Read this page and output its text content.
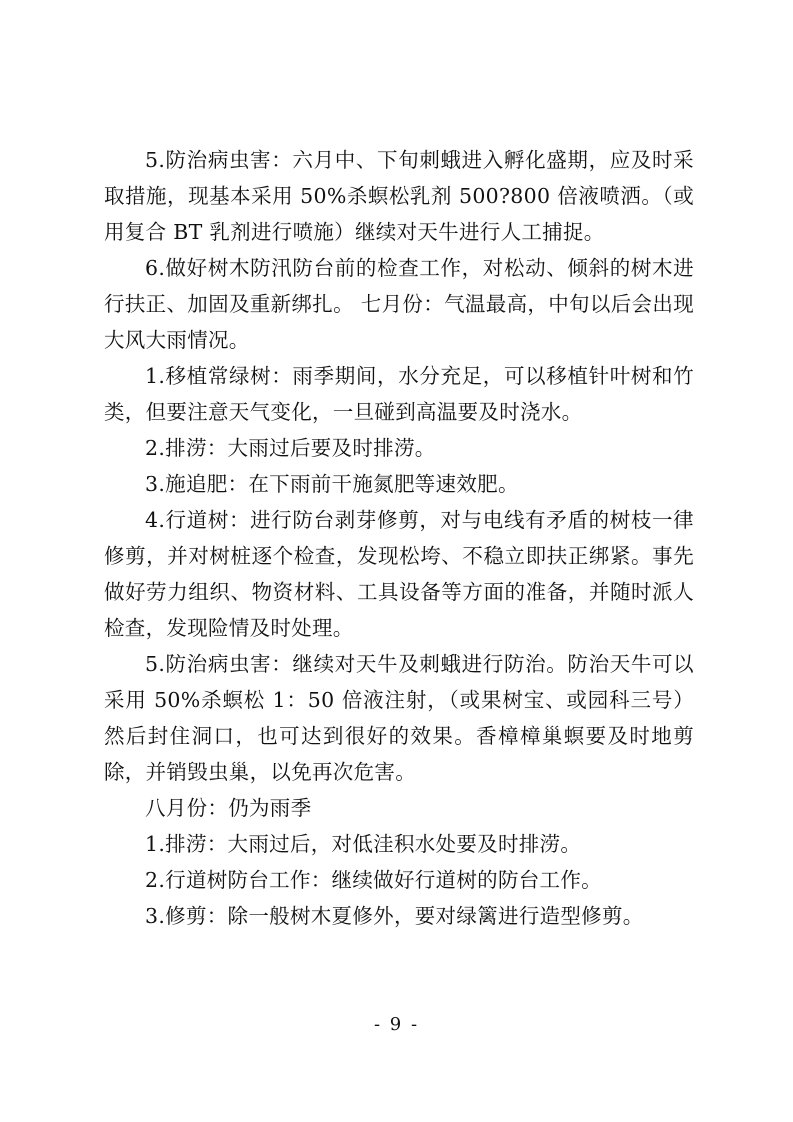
5.防治病虫害：六月中、下旬刺蛾进入孵化盛期，应及时采取措施，现基本采用 50%杀螟松乳剂 500?800 倍液喷洒。（或用复合 BT 乳剂进行喷施）继续对天牛进行人工捕捉。

6.做好树木防汛防台前的检查工作，对松动、倾斜的树木进行扶正、加固及重新绑扎。 七月份：气温最高，中旬以后会出现大风大雨情况。

1.移植常绿树：雨季期间，水分充足，可以移植针叶树和竹类，但要注意天气变化，一旦碰到高温要及时浇水。

2.排涝：大雨过后要及时排涝。

3.施追肥：在下雨前干施氮肥等速效肥。

4.行道树：进行防台剥芽修剪，对与电线有矛盾的树枝一律修剪，并对树桩逐个检查，发现松垮、不稳立即扶正绑紧。事先做好劳力组织、物资材料、工具设备等方面的准备，并随时派人检查，发现险情及时处理。

5.防治病虫害：继续对天牛及刺蛾进行防治。防治天牛可以采用 50%杀螟松 1：50 倍液注射，（或果树宝、或园科三号）然后封住洞口，也可达到很好的效果。香樟樟巢螟要及时地剪除，并销毁虫巢，以免再次危害。

八月份：仍为雨季

1.排涝：大雨过后，对低洼积水处要及时排涝。

2.行道树防台工作：继续做好行道树的防台工作。

3.修剪：除一般树木夏修外，要对绿篱进行造型修剪。

- 9 -
